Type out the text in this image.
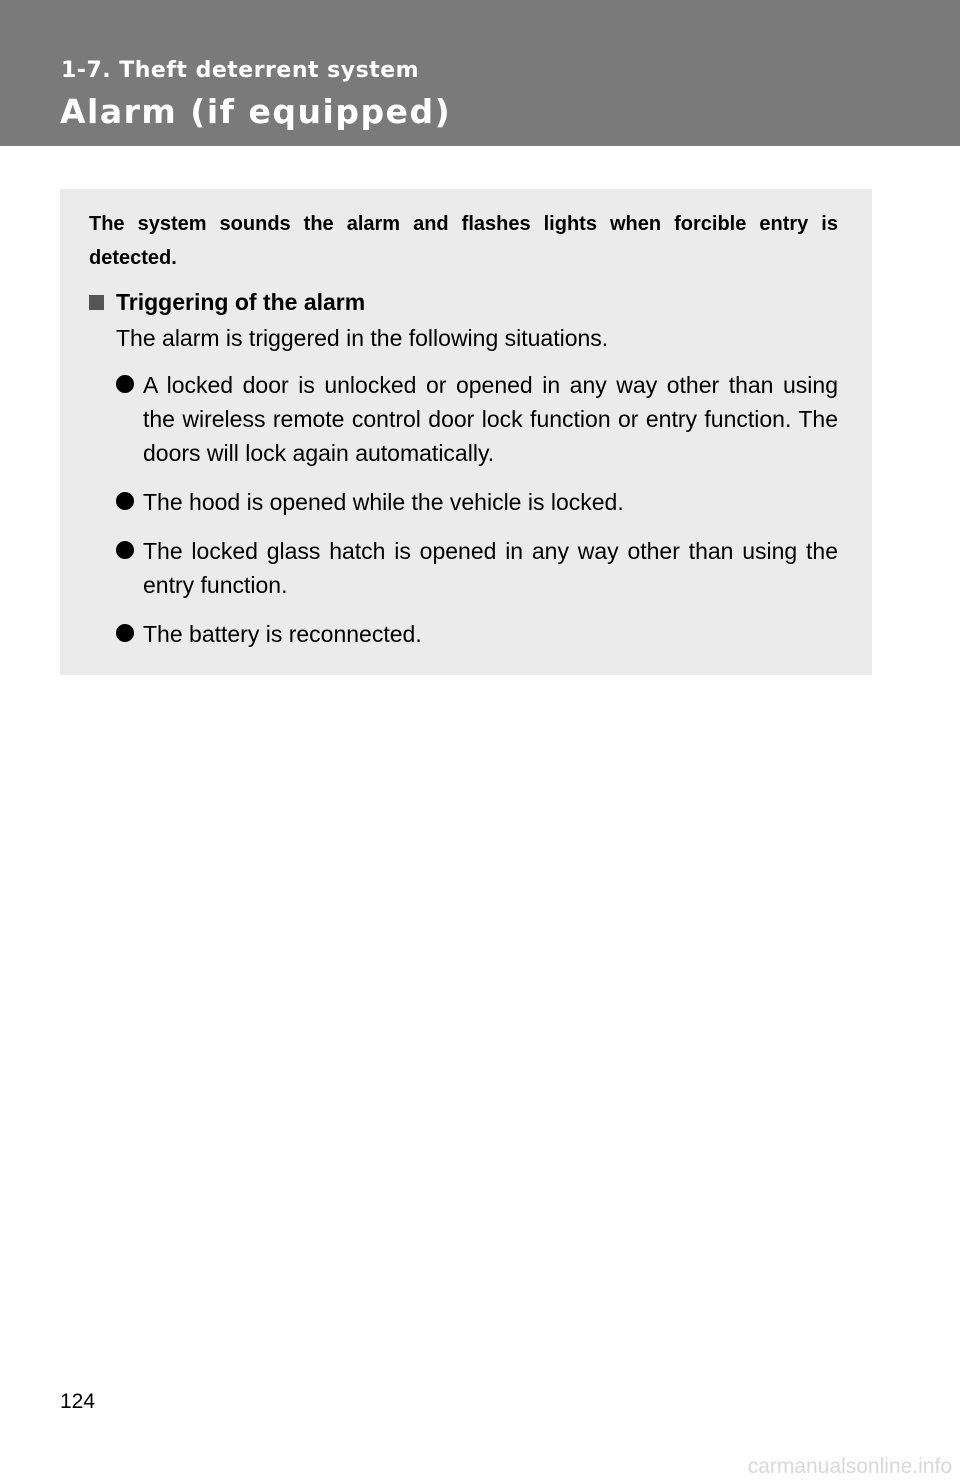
1-7. Theft deterrent system

Alarm (if equipped)

The system sounds the alarm and flashes lights when forcible entry is detected.

Triggering of the alarm

The alarm is triggered in the following situations.

A locked door is unlocked or opened in any way other than using the wireless remote control door lock function or entry function. The doors will lock again automatically.
The hood is opened while the vehicle is locked.
The locked glass hatch is opened in any way other than using the entry function.
The battery is reconnected.

124

carmanualsonline.info
